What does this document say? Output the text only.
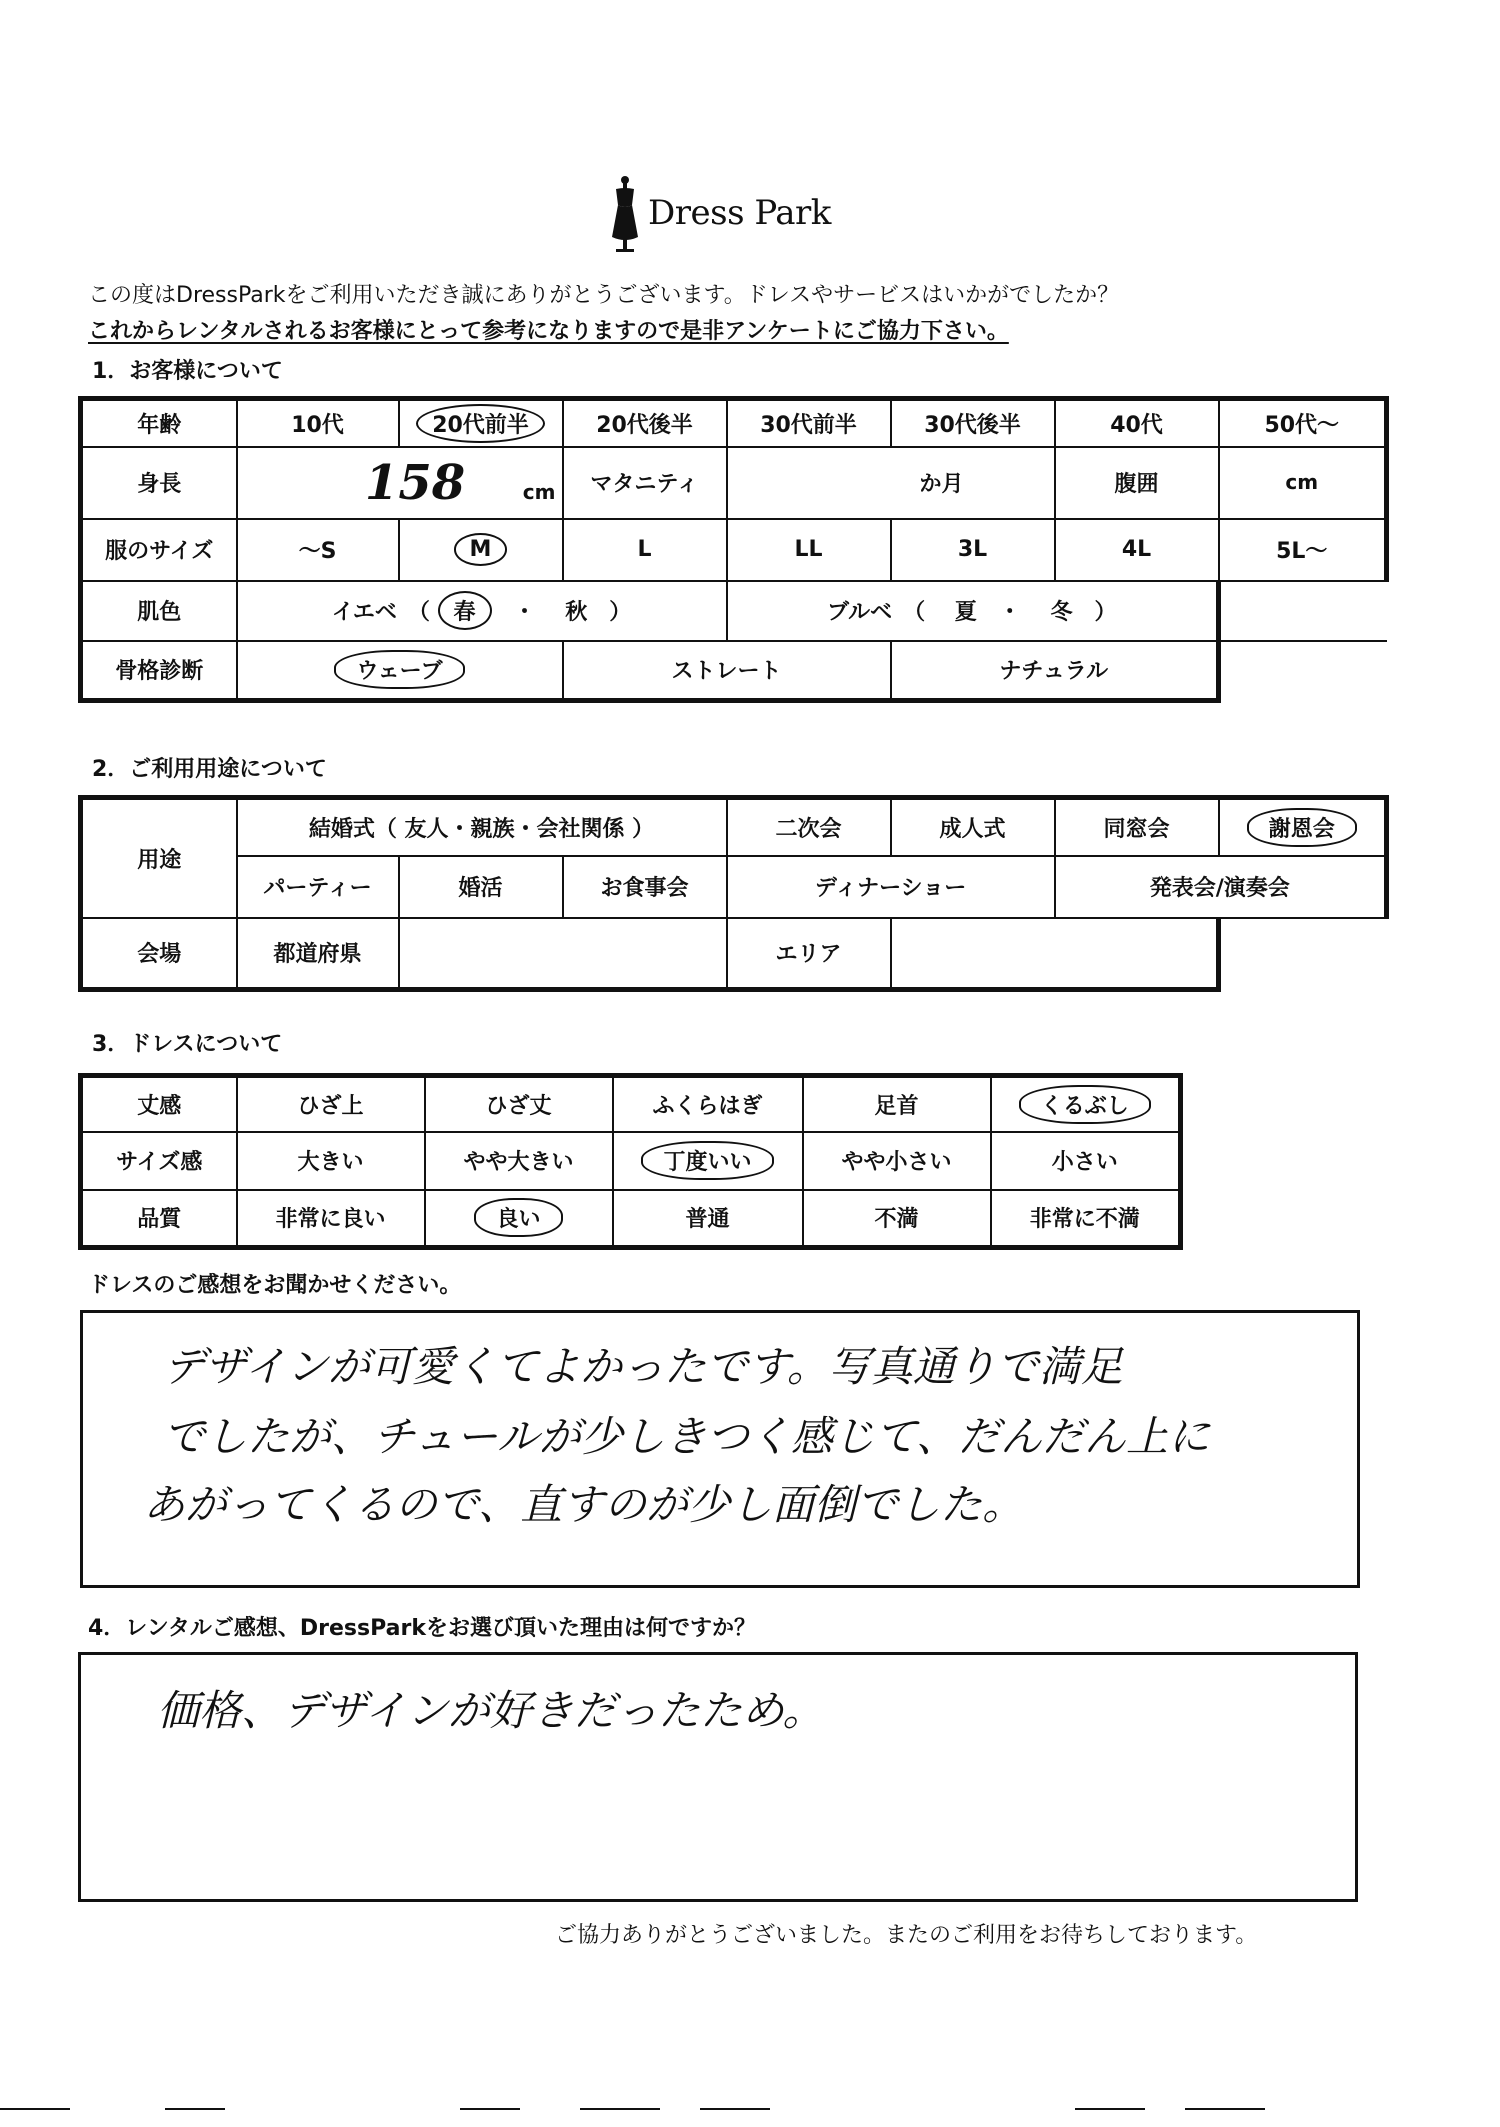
Dress Park
この度はDressParkをご利用いただき誠にありがとうございます。ドレスやサービスはいかがでしたか？
これからレンタルされるお客様にとって参考になりますので是非アンケートにご協力下さい。
1．お客様について
年齢	10代	20代前半	20代後半	30代前半	30代後半	40代	50代～
身長	158 cm		マタニティ	か月		腹囲	cm
服のサイズ	～S	M	L	LL	3L	4L	5L～
肌色	イエベ　（ 春　・　 秋　）			ブルベ　（　 夏　・　 冬　）			
骨格診断	ウェーブ		ストレート		ナチュラル		
2．ご利用用途について
用途	結婚式（ 友人・親族・会社関係 ）			二次会	成人式	同窓会	謝恩会
	パーティー	婚活	お食事会	ディナーショー		発表会/演奏会	
会場	都道府県			エリア			
3．ドレスについて
丈感	ひざ上	ひざ丈	ふくらはぎ	足首	くるぶし
サイズ感	大きい	やや大きい	丁度いい	やや小さい	小さい
品質	非常に良い	良い	普通	不満	非常に不満
ドレスのご感想をお聞かせください。
デザインが可愛くてよかったです。写真通りで満足
でしたが、チュールが少しきつく感じて、だんだん上に
あがってくるので、直すのが少し面倒でした。
4．レンタルご感想、DressParkをお選び頂いた理由は何ですか？
価格、デザインが好きだったため。
ご協力ありがとうございました。またのご利用をお待ちしております。
